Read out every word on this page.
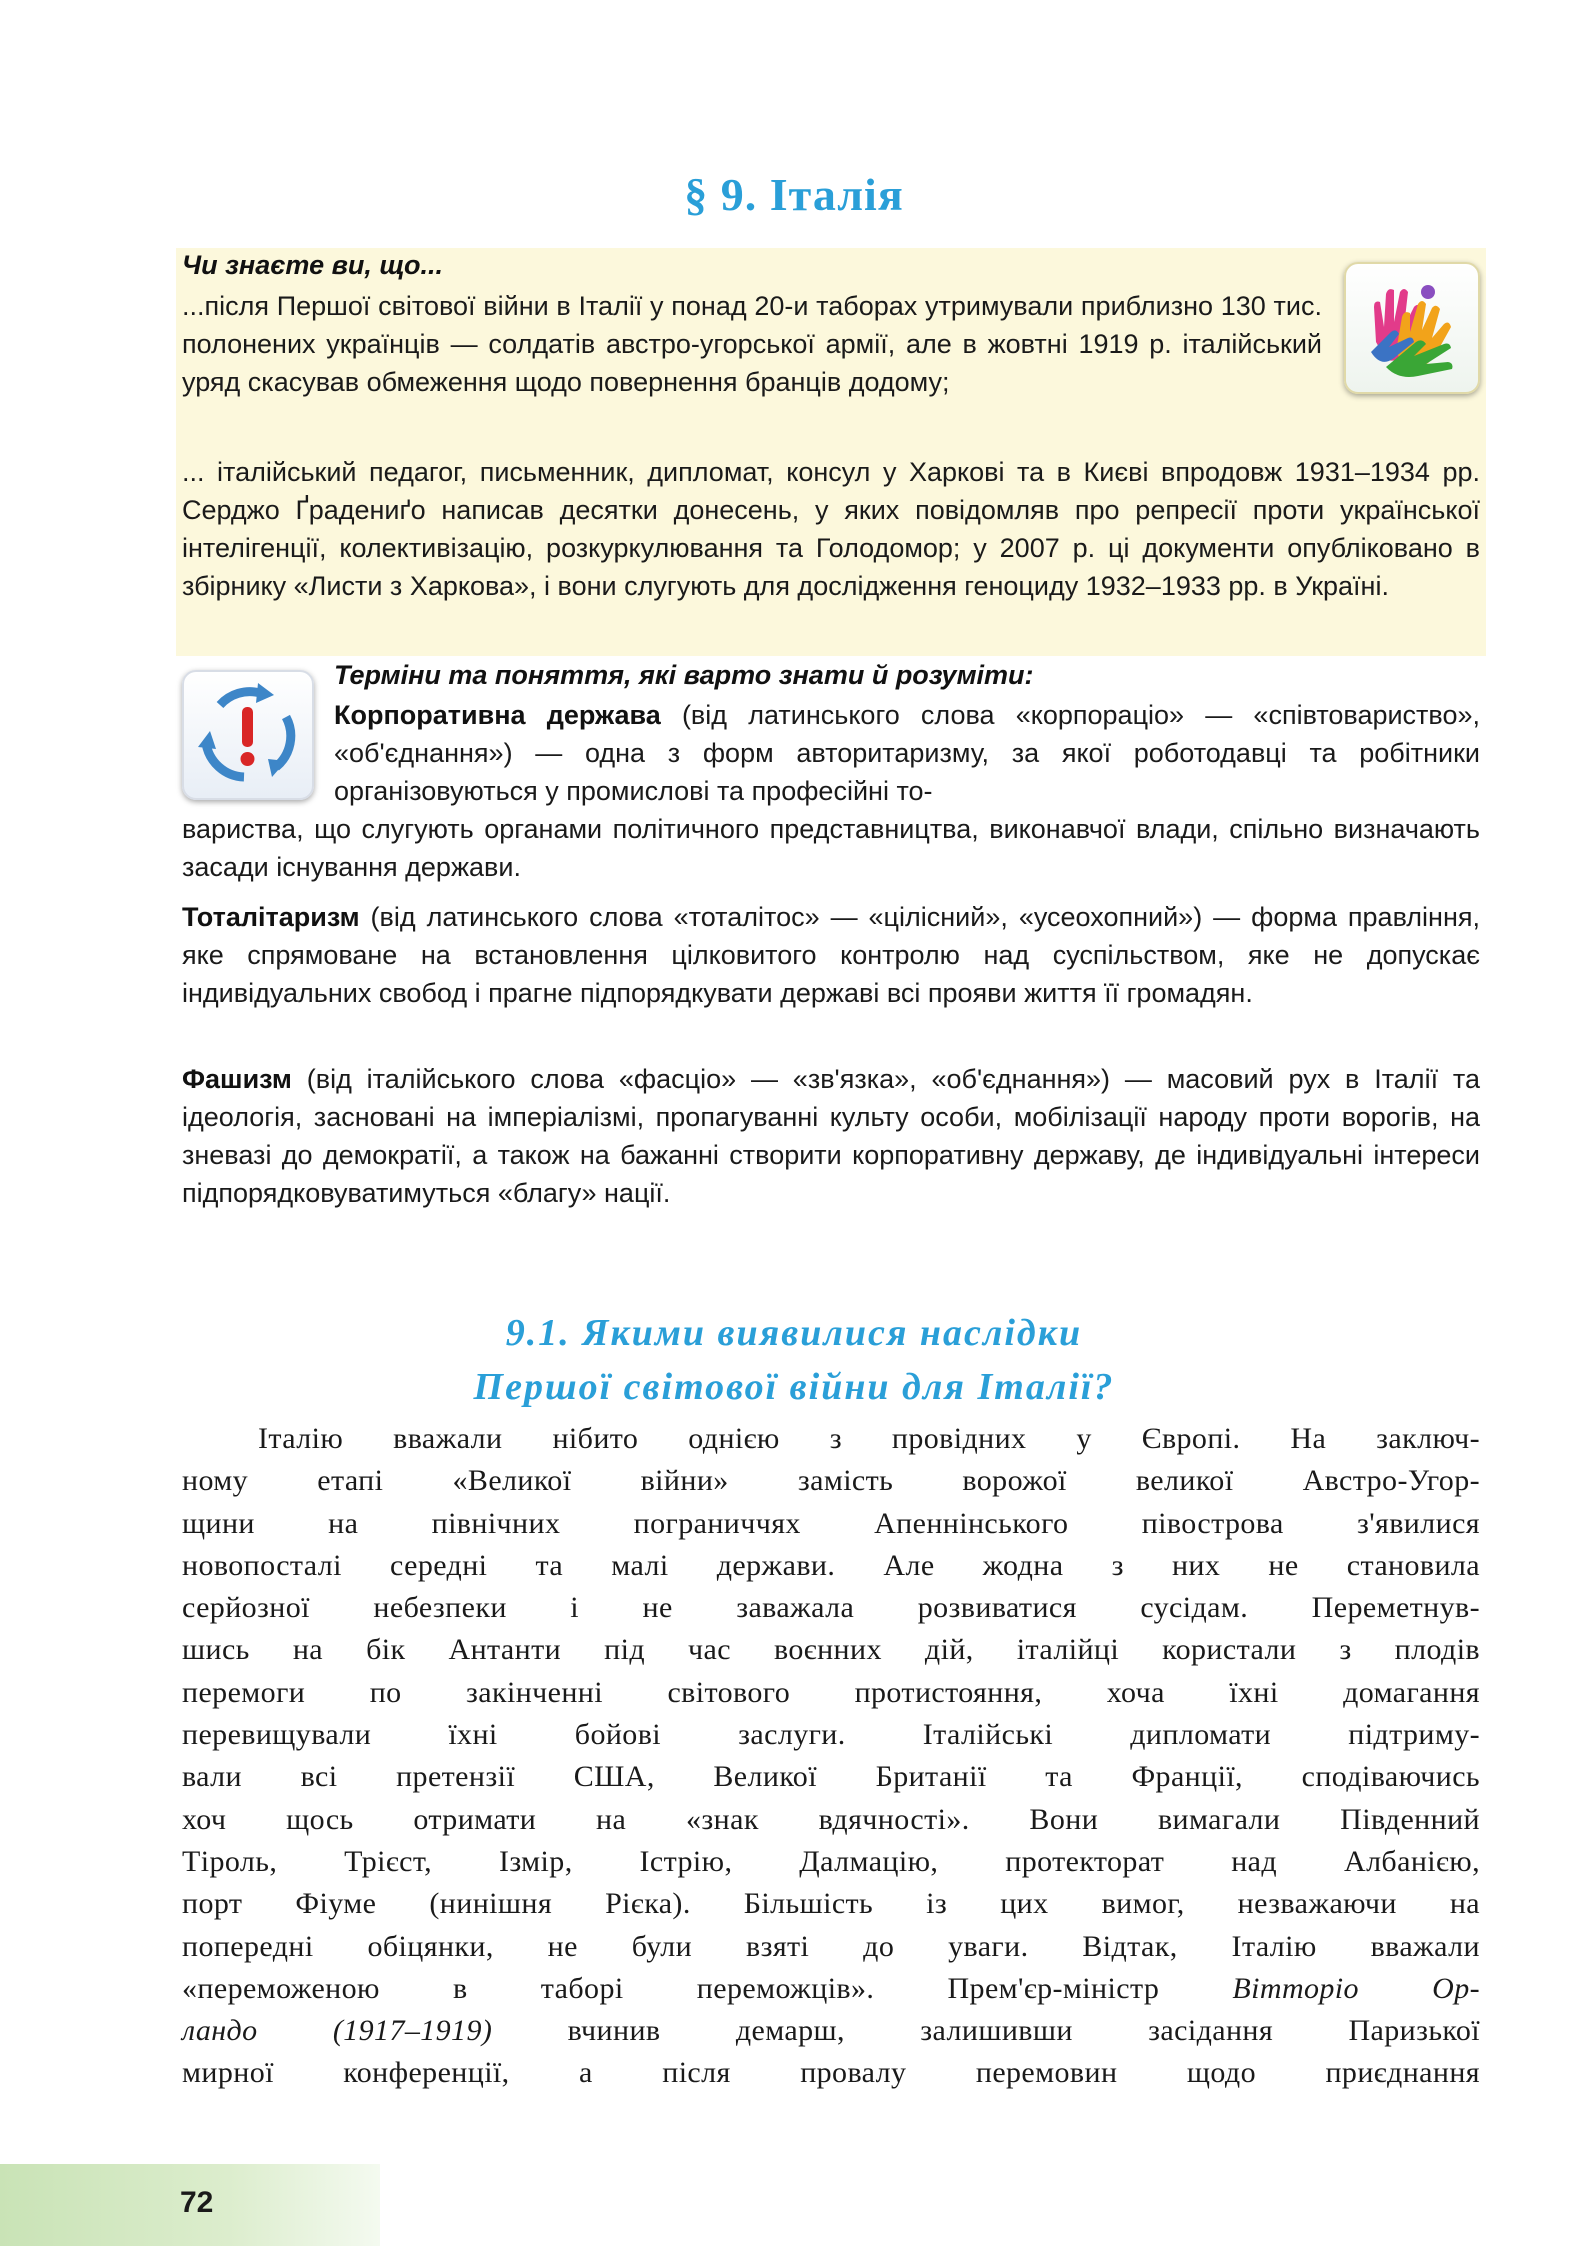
§ 9. Італія
Чи знаєте ви, що...
...після Першої світової війни в Італії у понад 20-и таборах утримували приблизно 130 тис. полонених українців — солдатів австро-угорської армії, але в жовтні 1919 р. італійський уряд скасував обмеження щодо повернення бранців додому;
... італійський педагог, письменник, дипломат, консул у Харкові та в Києві впродовж 1931–1934 рр. Серджо Ґрадениґо написав десятки донесень, у яких повідомляв про репресії проти української інтелігенції, колективізацію, розкуркулювання та Голодомор; у 2007 р. ці документи опубліковано в збірнику «Листи з Харкова», і вони слугують для дослідження геноциду 1932–1933 рр. в Україні.
Терміни та поняття, які варто знати й розуміти:
Корпоративна держава (від латинського слова «корпораціо» — «співтовариство», «об'єднання») — одна з форм авторитаризму, за якої роботодавці та робітники організовуються у промислові та професійні то-
вариства, що слугують органами політичного представництва, виконавчої влади, спільно визначають засади існування держави.
Тоталітаризм (від латинського слова «тоталітос» — «цілісний», «усеохопний») — форма правління, яке спрямоване на встановлення цілковитого контролю над суспільством, яке не допускає індивідуальних свобод і прагне підпорядкувати державі всі прояви життя її громадян.
Фашизм (від італійського слова «фасціо» — «зв'язка», «об'єднання») — масовий рух в Італії та ідеологія, засновані на імперіалізмі, пропагуванні культу особи, мобілізації народу проти ворогів, на зневазі до демократії, а також на бажанні створити корпоративну державу, де індивідуальні інтереси підпорядковуватимуться «благу» нації.
9.1. Якими виявилися наслідки
Першої світової війни для Італії?
Італію вважали нібито однією з провідних у Європі. На заключ-
ному етапі «Великої війни» замість ворожої великої Австро-Угор-
щини на північних пограниччях Апеннінського півострова з'явилися
новопосталі середні та малі держави. Але жодна з них не становила
серйозної небезпеки і не заважала розвиватися сусідам. Переметнув-
шись на бік Антанти під час воєнних дій, італійці користали з плодів
перемоги по закінченні світового протистояння, хоча їхні домагання
перевищували їхні бойові заслуги. Італійські дипломати підтриму-
вали всі претензії США, Великої Британії та Франції, сподіваючись
хоч щось отримати на «знак вдячності». Вони вимагали Південний
Тіроль, Трієст, Ізмір, Істрію, Далмацію, протекторат над Албанією,
порт Фіуме (нинішня Рієка). Більшість із цих вимог, незважаючи на
попередні обіцянки, не були взяті до уваги. Відтак, Італію вважали
«переможеною в таборі переможців». Прем'єр-міністр Вітторіо Ор-
ландо (1917–1919) вчинив демарш, залишивши засідання Паризької
мирної конференції, а після провалу перемовин щодо приєднання
72
